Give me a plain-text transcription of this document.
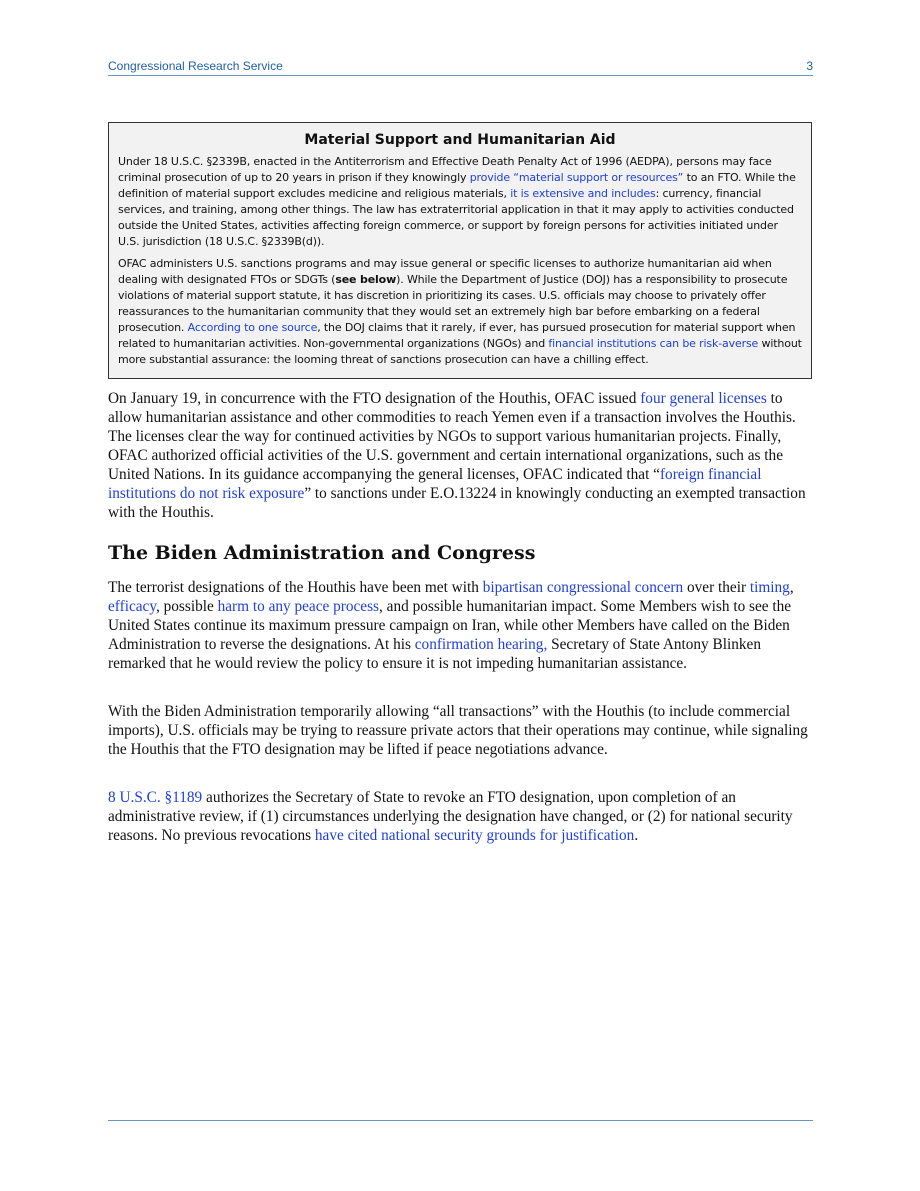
Congressional Research Service	3
Material Support and Humanitarian Aid

Under 18 U.S.C. §2339B, enacted in the Antiterrorism and Effective Death Penalty Act of 1996 (AEDPA), persons may face criminal prosecution of up to 20 years in prison if they knowingly provide “material support or resources” to an FTO. While the definition of material support excludes medicine and religious materials, it is extensive and includes: currency, financial services, and training, among other things. The law has extraterritorial application in that it may apply to activities conducted outside the United States, activities affecting foreign commerce, or support by foreign persons for activities initiated under U.S. jurisdiction (18 U.S.C. §2339B(d)).

OFAC administers U.S. sanctions programs and may issue general or specific licenses to authorize humanitarian aid when dealing with designated FTOs or SDGTs (see below). While the Department of Justice (DOJ) has a responsibility to prosecute violations of material support statute, it has discretion in prioritizing its cases. U.S. officials may choose to privately offer reassurances to the humanitarian community that they would set an extremely high bar before embarking on a federal prosecution. According to one source, the DOJ claims that it rarely, if ever, has pursued prosecution for material support when related to humanitarian activities. Non-governmental organizations (NGOs) and financial institutions can be risk-averse without more substantial assurance: the looming threat of sanctions prosecution can have a chilling effect.

On January 19, in concurrence with the FTO designation of the Houthis, OFAC issued four general licenses to allow humanitarian assistance and other commodities to reach Yemen even if a transaction involves the Houthis. The licenses clear the way for continued activities by NGOs to support various humanitarian projects. Finally, OFAC authorized official activities of the U.S. government and certain international organizations, such as the United Nations. In its guidance accompanying the general licenses, OFAC indicated that “foreign financial institutions do not risk exposure” to sanctions under E.O.13224 in knowingly conducting an exempted transaction with the Houthis.

The Biden Administration and Congress

The terrorist designations of the Houthis have been met with bipartisan congressional concern over their timing, efficacy, possible harm to any peace process, and possible humanitarian impact. Some Members wish to see the United States continue its maximum pressure campaign on Iran, while other Members have called on the Biden Administration to reverse the designations. At his confirmation hearing, Secretary of State Antony Blinken remarked that he would review the policy to ensure it is not impeding humanitarian assistance.

With the Biden Administration temporarily allowing “all transactions” with the Houthis (to include commercial imports), U.S. officials may be trying to reassure private actors that their operations may continue, while signaling the Houthis that the FTO designation may be lifted if peace negotiations advance.

8 U.S.C. §1189 authorizes the Secretary of State to revoke an FTO designation, upon completion of an administrative review, if (1) circumstances underlying the designation have changed, or (2) for national security reasons. No previous revocations have cited national security grounds for justification.
